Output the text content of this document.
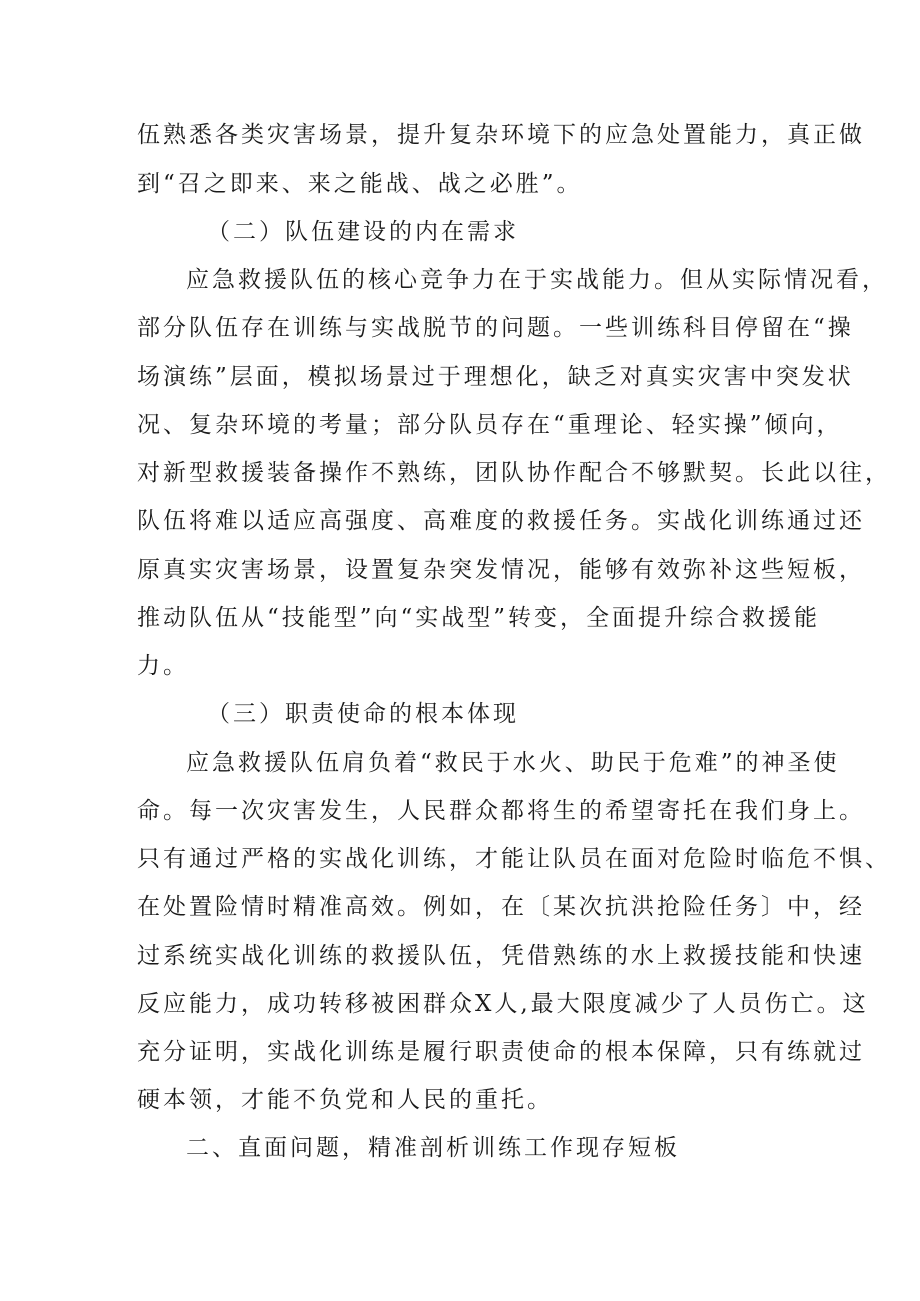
伍熟悉各类灾害场景，提升复杂环境下的应急处置能力，真正做
到“召之即来、来之能战、战之必胜”。
（二）队伍建设的内在需求
应急救援队伍的核心竞争力在于实战能力。但从实际情况看，
部分队伍存在训练与实战脱节的问题。一些训练科目停留在“操
场演练”层面，模拟场景过于理想化，缺乏对真实灾害中突发状
况、复杂环境的考量；部分队员存在“重理论、轻实操”倾向，
对新型救援装备操作不熟练，团队协作配合不够默契。长此以往，
队伍将难以适应高强度、高难度的救援任务。实战化训练通过还
原真实灾害场景，设置复杂突发情况，能够有效弥补这些短板，
推动队伍从“技能型”向“实战型”转变，全面提升综合救援能
力。
（三）职责使命的根本体现
应急救援队伍肩负着“救民于水火、助民于危难”的神圣使
命。每一次灾害发生，人民群众都将生的希望寄托在我们身上。
只有通过严格的实战化训练，才能让队员在面对危险时临危不惧、
在处置险情时精准高效。例如，在〔某次抗洪抢险任务〕中，经
过系统实战化训练的救援队伍，凭借熟练的水上救援技能和快速
反应能力，成功转移被困群众X人,最大限度减少了人员伤亡。这
充分证明，实战化训练是履行职责使命的根本保障，只有练就过
硬本领，才能不负党和人民的重托。
二、直面问题，精准剖析训练工作现存短板
